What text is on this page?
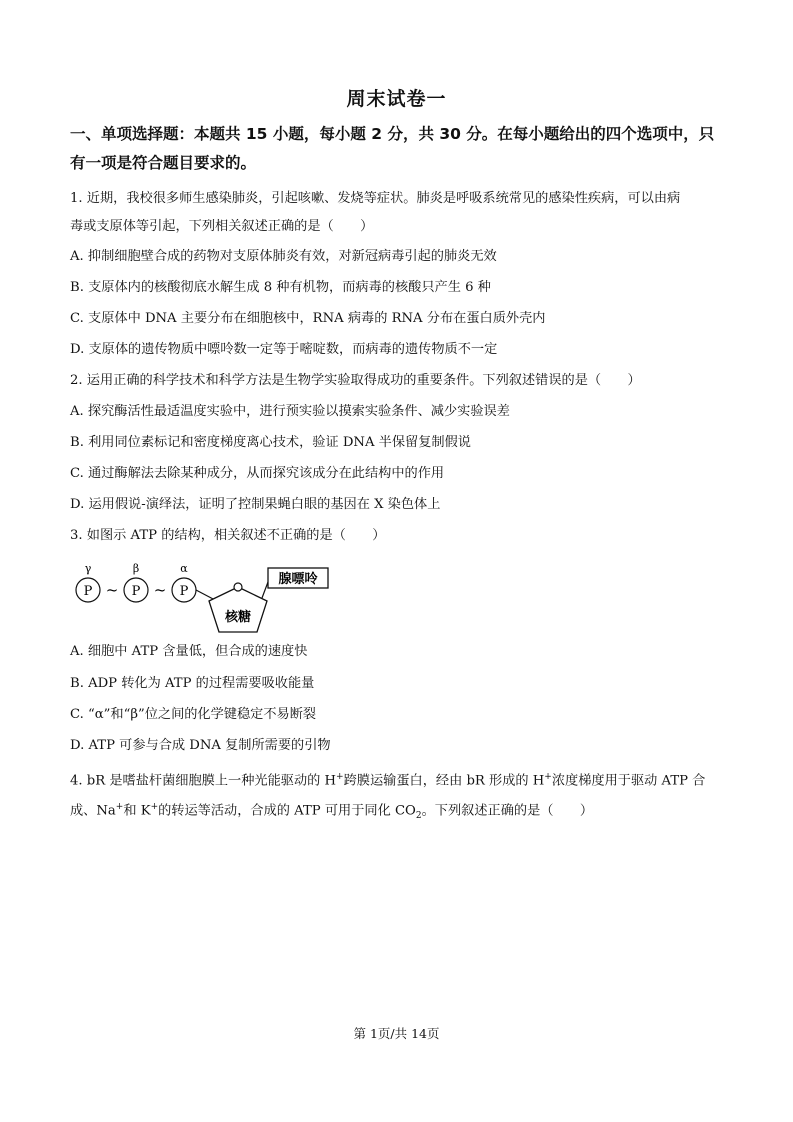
周末试卷一
一、单项选择题：本题共 15 小题，每小题 2 分，共 30 分。在每小题给出的四个选项中，只
有一项是符合题目要求的。
1. 近期，我校很多师生感染肺炎，引起咳嗽、发烧等症状。肺炎是呼吸系统常见的感染性疾病，可以由病
毒或支原体等引起，下列相关叙述正确的是（　　）
A. 抑制细胞壁合成的药物对支原体肺炎有效，对新冠病毒引起的肺炎无效
B. 支原体内的核酸彻底水解生成 8 种有机物，而病毒的核酸只产生 6 种
C. 支原体中 DNA 主要分布在细胞核中，RNA 病毒的 RNA 分布在蛋白质外壳内
D. 支原体的遗传物质中嘌呤数一定等于嘧啶数，而病毒的遗传物质不一定
2. 运用正确的科学技术和科学方法是生物学实验取得成功的重要条件。下列叙述错误的是（　　）
A. 探究酶活性最适温度实验中，进行预实验以摸索实验条件、减少实验误差
B. 利用同位素标记和密度梯度离心技术，验证 DNA 半保留复制假说
C. 通过酶解法去除某种成分，从而探究该成分在此结构中的作用
D. 运用假说-演绎法，证明了控制果蝇白眼的基因在 X 染色体上
3. 如图示 ATP 的结构，相关叙述不正确的是（　　）
γ	β	α
P ~ P ~ P
核糖
腺嘌呤
A. 细胞中 ATP 含量低，但合成的速度快
B. ADP 转化为 ATP 的过程需要吸收能量
C. “α”和“β”位之间的化学键稳定不易断裂
D. ATP 可参与合成 DNA 复制所需要的引物
4. bR 是嗜盐杆菌细胞膜上一种光能驱动的 H+跨膜运输蛋白，经由 bR 形成的 H+浓度梯度用于驱动 ATP 合
成、Na+和 K+的转运等活动，合成的 ATP 可用于同化 $CO_2$。下列叙述正确的是（　　）
第 1页/共 14页
